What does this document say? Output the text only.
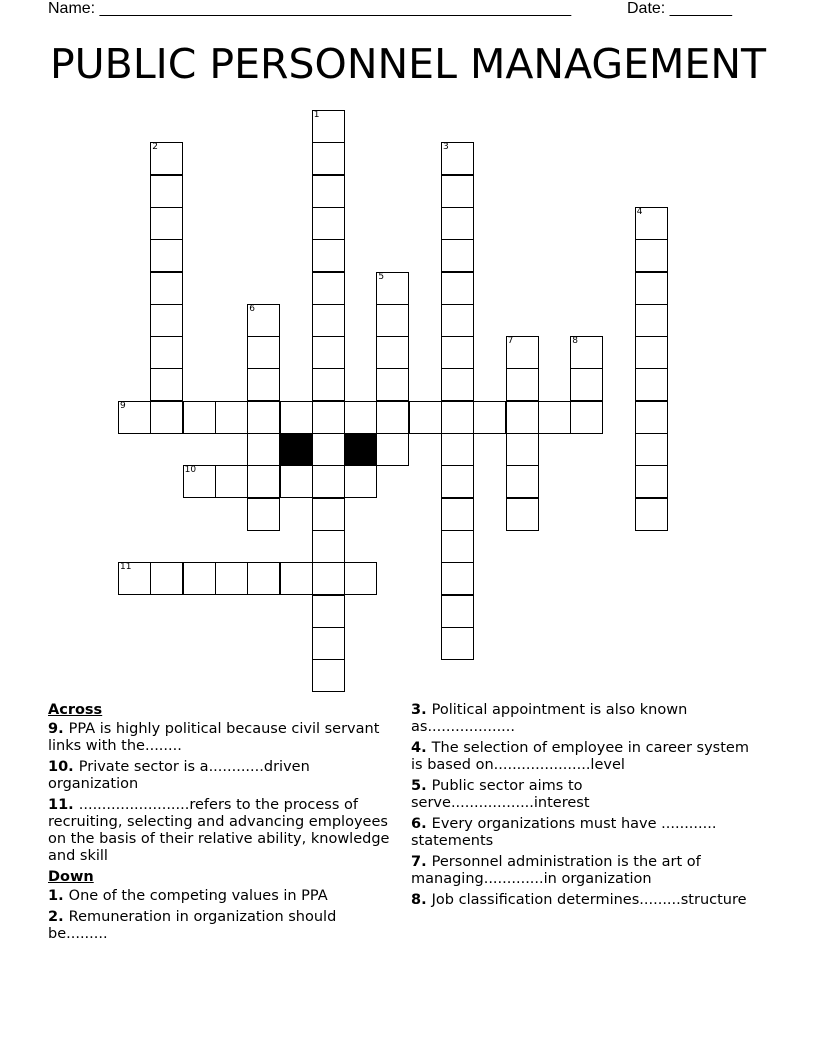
Name: _____________________________________________________	Date: _______
PUBLIC PERSONNEL MANAGEMENT
1
2	3
4
5
6
7	8
9
10
11
Across
9. PPA is highly political because civil servant links with the........
10. Private sector is a............driven organization
11. ........................refers to the process of recruiting, selecting and advancing employees on the basis of their relative ability, knowledge and skill
Down
1. One of the competing values in PPA
2. Remuneration in organization should be.........
3. Political appointment is also known as...................
4. The selection of employee in career system is based on.....................level
5. Public sector aims to serve..................interest
6. Every organizations must have ............ statements
7. Personnel administration is the art of managing.............in organization
8. Job classification determines.........structure
